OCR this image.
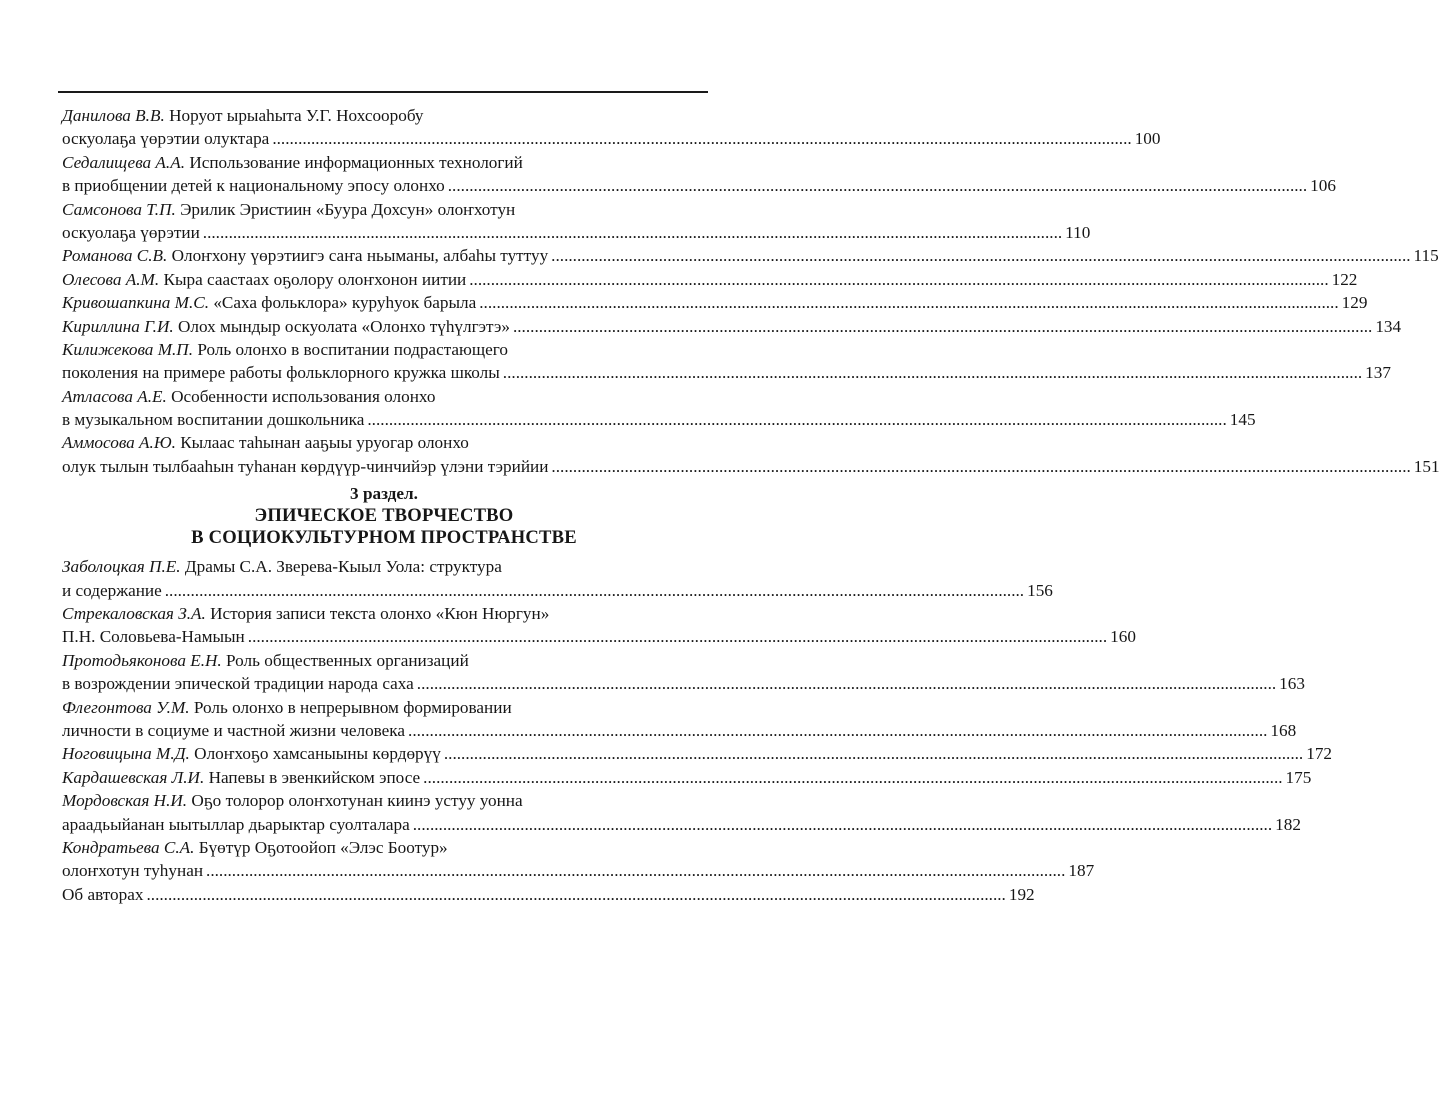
Данилова В.В. Норуот ырыаһыта У.Г. Нохсооробу
оскуолаҕа үөрэтии олуктара ........................................................................................................................................................................................................ 100
Седалищева А.А. Использование информационных технологий
в приобщении детей к национальному эпосу олонхо ........................................................................................................................................................................................................ 106
Самсонова Т.П. Эрилик Эристиин «Буура Дохсун» олоҥхотун
оскуолаҕа үөрэтии ........................................................................................................................................................................................................ 110
Романова С.В. Олоҥхону үөрэтиигэ саҥа ньыманы, албаһы туттуу ........................................................................................................................................................................................................ 115
Олесова А.М. Кыра саастаах оҕолору олоҥхонон иитии ........................................................................................................................................................................................................ 122
Кривошапкина М.С. «Саха фольклора» куруһуок барыла ........................................................................................................................................................................................................ 129
Кириллина Г.И. Олох мындыр оскуолата «Олонхо түһүлгэтэ» ........................................................................................................................................................................................................ 134
Килижекова М.П. Роль олонхо в воспитании подрастающего
поколения на примере работы фольклорного кружка школы ........................................................................................................................................................................................................ 137
Атласова А.Е. Особенности использования олонхо
в музыкальном воспитании дошкольника ........................................................................................................................................................................................................ 145
Аммосова А.Ю. Кылаас таһынан ааҕыы уруогар олонхо
олук тылын тылбааһын туһанан көрдүүр-чинчийэр үлэни тэрийии ........................................................................................................................................................................................................ 151
3 раздел.
ЭПИЧЕСКОЕ ТВОРЧЕСТВО
В СОЦИОКУЛЬТУРНОМ ПРОСТРАНСТВЕ
Заболоцкая П.Е. Драмы С.А. Зверева-Кыыл Уола: структура
и содержание ........................................................................................................................................................................................................ 156
Стрекаловская З.А. История записи текста олонхо «Кюн Нюргун»
П.Н. Соловьева-Намыын ........................................................................................................................................................................................................ 160
Протодьяконова Е.Н. Роль общественных организаций
в возрождении эпической традиции народа саха ........................................................................................................................................................................................................ 163
Флегонтова У.М. Роль олонхо в непрерывном формировании
личности в социуме и частной жизни человека ........................................................................................................................................................................................................ 168
Ноговицына М.Д. Олоҥхоҕо хамсаныыны көрдөрүү ........................................................................................................................................................................................................ 172
Кардашевская Л.И. Напевы в эвенкийском эпосе ........................................................................................................................................................................................................ 175
Мордовская Н.И. Оҕо толорор олоҥхотунан киинэ устуу уонна
араадьыйанан ыытыллар дьарыктар суолталара ........................................................................................................................................................................................................ 182
Кондратьева С.А. Бүөтүр Оҕотоойоп «Элэс Боотур»
олоҥхотун туһунан ........................................................................................................................................................................................................ 187
Об авторах ........................................................................................................................................................................................................ 192
